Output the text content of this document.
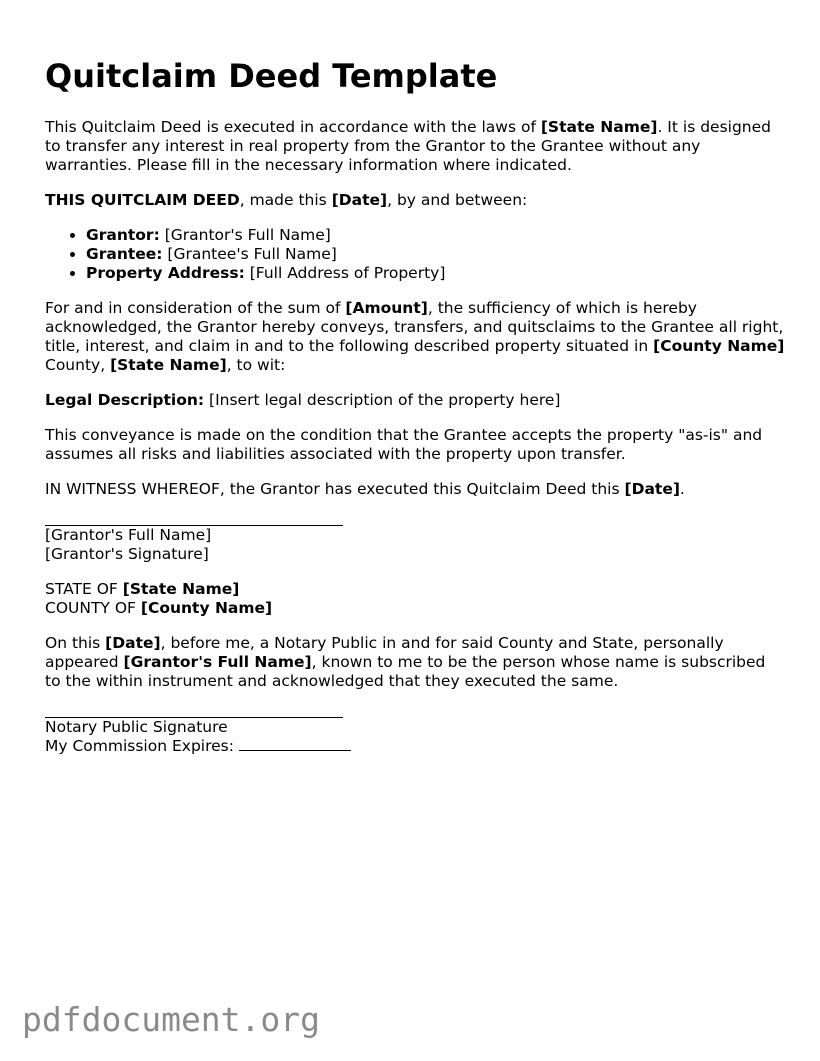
Quitclaim Deed Template

This Quitclaim Deed is executed in accordance with the laws of [State Name]. It is designed to transfer any interest in real property from the Grantor to the Grantee without any warranties. Please fill in the necessary information where indicated.

THIS QUITCLAIM DEED, made this [Date], by and between:

• Grantor: [Grantor's Full Name]
• Grantee: [Grantee's Full Name]
• Property Address: [Full Address of Property]

For and in consideration of the sum of [Amount], the sufficiency of which is hereby acknowledged, the Grantor hereby conveys, transfers, and quitsclaims to the Grantee all right, title, interest, and claim in and to the following described property situated in [County Name] County, [State Name], to wit:

Legal Description: [Insert legal description of the property here]

This conveyance is made on the condition that the Grantee accepts the property "as-is" and assumes all risks and liabilities associated with the property upon transfer.

IN WITNESS WHEREOF, the Grantor has executed this Quitclaim Deed this [Date].

[Grantor's Full Name]
[Grantor's Signature]
STATE OF [State Name]
COUNTY OF [County Name]

On this [Date], before me, a Notary Public in and for said County and State, personally appeared [Grantor's Full Name], known to me to be the person whose name is subscribed to the within instrument and acknowledged that they executed the same.

Notary Public Signature
My Commission Expires:
pdfdocument.org
